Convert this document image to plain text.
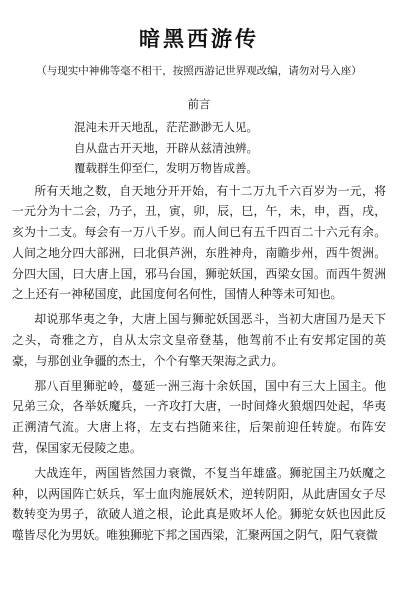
暗黑西游传
（与现实中神佛等毫不相干，按照西游记世界观改编，请勿对号入座）
前言
混沌未开天地乱，茫茫渺渺无人见。
自从盘古开天地，开辟从兹清浊辨。
覆载群生仰至仁，发明万物皆成善。

所有天地之数，自天地分开开始，有十二万九千六百岁为一元，将一元分为十二会，乃子，丑，寅，卯，辰，巳，午，未，申，酉，戌，亥为十二支。每会有一万八千岁。而人间已有五千四百二十六元有余。人间之地分四大部洲，曰北俱芦洲，东胜神舟，南瞻步州，西牛贺洲。分四大国，曰大唐上国，邪马台国，狮驼妖国，西梁女国。而西牛贺洲之上还有一神秘国度，此国度何名何性，国情人种等未可知也。

却说那华夷之争，大唐上国与狮驼妖国恶斗，当初大唐国乃是天下之头，奇雅之方，自从太宗文皇帝登基，他驾前不止有安邦定国的英豪，与那创业争疆的杰士，个个有擎天架海之武力。

那八百里狮驼岭，蔓延一洲三海十余妖国，国中有三大上国主。他兄弟三众，各举妖魔兵，一齐攻打大唐，一时间烽火狼烟四处起，华夷正溯清气流。大唐上将，左支右挡随来往，后架前迎任转旋。布阵安营，保国家无侵陵之患。

大战连年，两国皆然国力衰微，不复当年雄盛。狮驼国主乃妖魔之种，以两国阵亡妖兵，军士血肉施展妖术，逆转阴阳，从此唐国女子尽数转变为男子，欲破人道之根，论此真是败坏人伦。狮驼女妖也因此反噬皆尽化为男妖。唯独狮驼下邦之国西梁，汇聚两国之阴气，阳气衰微
